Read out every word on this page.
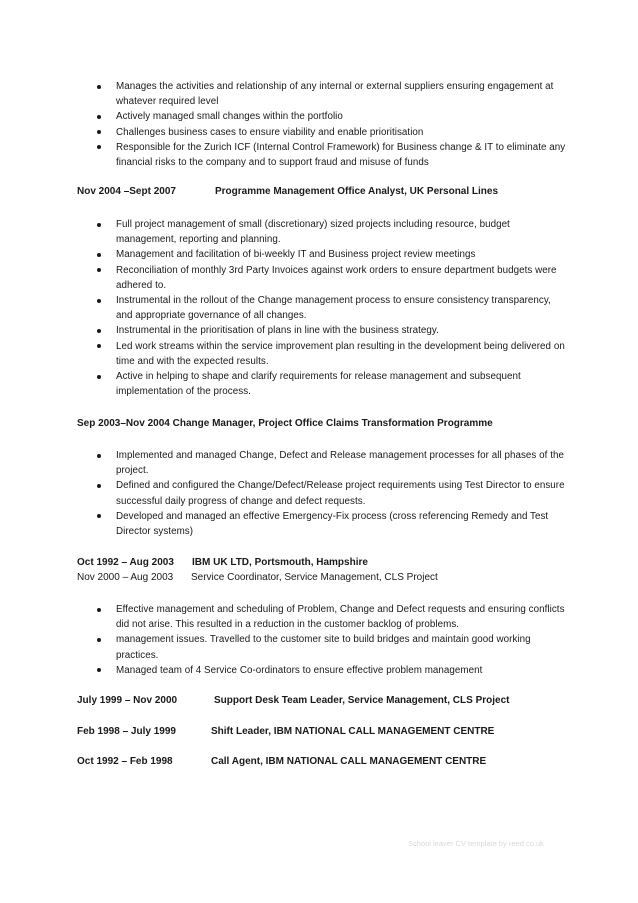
Manages the activities and relationship of any internal or external suppliers ensuring engagement at whatever required level
Actively managed small changes within the portfolio
Challenges business cases to ensure viability and enable prioritisation
Responsible for the Zurich ICF (Internal Control Framework) for Business change & IT to eliminate any financial risks to the company and to support fraud and misuse of funds
Nov 2004 –Sept 2007	Programme Management Office Analyst, UK Personal Lines
Full project management of small (discretionary) sized projects including resource, budget management, reporting and planning.
Management and facilitation of bi-weekly IT and Business project review meetings
Reconciliation of monthly 3rd Party Invoices against work orders to ensure department budgets were adhered to.
Instrumental in the rollout of the Change management process to ensure consistency transparency, and appropriate governance of all changes.
Instrumental in the prioritisation of plans in line with the business strategy.
Led work streams within the service improvement plan resulting in the development being delivered on time and with the expected results.
Active in helping to shape and clarify requirements for release management and subsequent implementation of the process.
Sep 2003–Nov 2004 Change Manager, Project Office Claims Transformation Programme
Implemented and managed Change, Defect and Release management processes for all phases of the project.
Defined and configured the Change/Defect/Release project requirements using Test Director to ensure successful daily progress of change and defect requests.
Developed and managed an effective Emergency-Fix process (cross referencing Remedy and Test Director systems)
Oct 1992 – Aug 2003 IBM UK LTD, Portsmouth, Hampshire
Nov 2000 – Aug 2003 Service Coordinator, Service Management, CLS Project
Effective management and scheduling of Problem, Change and Defect requests and ensuring conflicts did not arise. This resulted in a reduction in the customer backlog of problems.
management issues. Travelled to the customer site to build bridges and maintain good working practices.
Managed team of 4 Service Co-ordinators to ensure effective problem management
July 1999 – Nov 2000	Support Desk Team Leader, Service Management, CLS Project
Feb 1998 – July 1999	Shift Leader, IBM NATIONAL CALL MANAGEMENT CENTRE
Oct 1992 – Feb 1998	Call Agent, IBM NATIONAL CALL MANAGEMENT CENTRE
School leaver CV template by reed.co.uk
